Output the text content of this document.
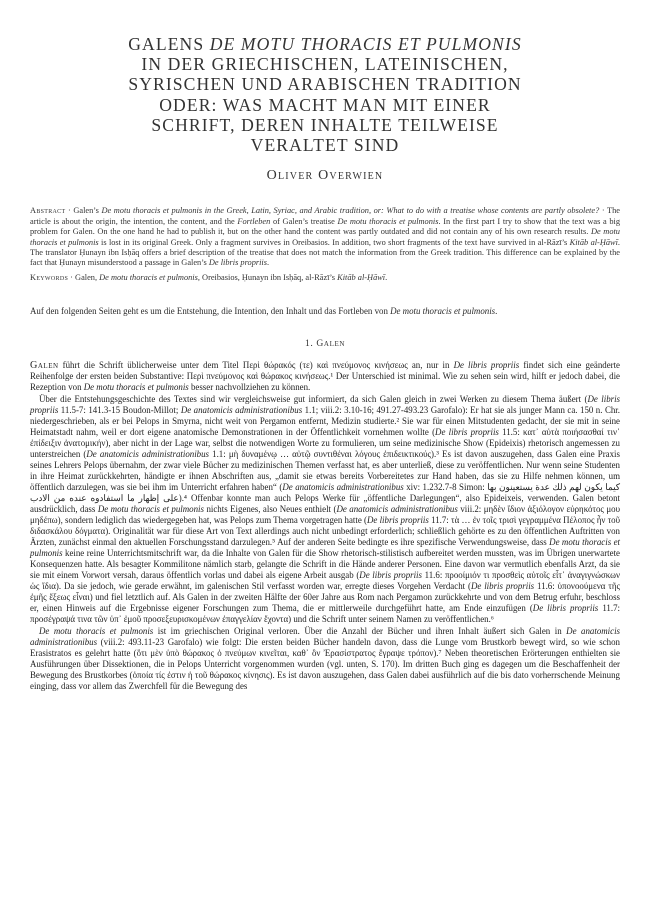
GALENS DE MOTU THORACIS ET PULMONIS
IN DER GRIECHISCHEN, LATEINISCHEN,
SYRISCHEN UND ARABISCHEN TRADITION
ODER: WAS MACHT MAN MIT EINER
SCHRIFT, DEREN INHALTE TEILWEISE
VERALTET SIND
Oliver Overwien
Abstract · Galen’s De motu thoracis et pulmonis in the Greek, Latin, Syriac, and Arabic tradition, or: What to do with a treatise whose contents are partly obsolete? · The article is about the origin, the intention, the content, and the Fortleben of Galen’s treatise De motu thoracis et pulmonis. In the first part I try to show that the text was a big problem for Galen. On the one hand he had to publish it, but on the other hand the content was partly outdated and did not contain any of his own research results. De motu thoracis et pulmonis is lost in its original Greek. Only a fragment survives in Oreibasios. In addition, two short fragments of the text have survived in al-Rāzī’s Kitāb al-Ḥāwī. The translator Ḥunayn ibn Isḥāq offers a brief description of the treatise that does not match the information from the Greek tradition. This difference can be explained by the fact that Ḥunayn misunderstood a passage in Galen’s De libris propriis.
Keywords · Galen, De motu thoracis et pulmonis, Oreibasios, Ḥunayn ibn Isḥāq, al-Rāzī’s Kitāb al-Ḥāwī.
Auf den folgenden Seiten geht es um die Entstehung, die Intention, den Inhalt und das Fortleben von De motu thoracis et pulmonis.
1. Galen

Galen führt die Schrift üblicherweise unter dem Titel Περὶ θώρακός (τε) καὶ πνεύμονος κινήσεως an, nur in De libris propriis findet sich eine geänderte Reihenfolge der ersten beiden Substantive: Περὶ πνεύμονος καὶ θώρακος κινήσεως.¹ Der Unterschied ist minimal. Wie zu sehen sein wird, hilft er jedoch dabei, die Rezeption von De motu thoracis et pulmonis besser nachvollziehen zu können.

Über die Entstehungsgeschichte des Textes sind wir vergleichsweise gut informiert, da sich Galen gleich in zwei Werken zu diesem Thema äußert (De libris propriis 11.5-7: 141.3-15 Boudon-Millot; De anatomicis administrationibus 1.1; viii.2: 3.10-16; 491.27-493.23 Garofalo): Er hat sie als junger Mann ca. 150 n. Chr. niedergeschrieben, als er bei Pelops in Smyrna, nicht weit von Pergamon entfernt, Medizin studierte.² Sie war für einen Mitstudenten gedacht, der sie mit in seine Heimatstadt nahm, weil er dort eigene anatomische Demonstrationen in der Öffentlichkeit vornehmen wollte (De libris propriis 11.5: κατ᾽ αὐτὰ ποιήσασθαί τιν᾽ ἐπίδειξιν ἀνατομικήν), aber nicht in der Lage war, selbst die notwendigen Worte zu formulieren, um seine medizinische Show (Epideixis) rhetorisch angemessen zu unterstreichen (De anatomicis administrationibus 1.1: μὴ δυναμένῳ … αὐτῷ συντιθέναι λόγους ἐπιδεικτικούς).³ Es ist davon auszugehen, dass Galen eine Praxis seines Lehrers Pelops übernahm, der zwar viele Bücher zu medizinischen Themen verfasst hat, es aber unterließ, diese zu veröffentlichen. Nur wenn seine Studenten in ihre Heimat zurückkehrten, händigte er ihnen Abschriften aus, „damit sie etwas bereits Vorbereitetes zur Hand haben, das sie zu Hilfe nehmen können, um öffentlich darzulegen, was sie bei ihm im Unterricht erfahren haben“ (De anatomicis administrationibus xiv: 1.232.7-8 Simon: كيما يكون لهم ذلك عدة يستعينون بها على إظهار ما استفادوه عنده من الادب).⁴ Offenbar konnte man auch Pelops Werke für „öffentliche Darlegungen“, also Epideixeis, verwenden. Galen betont ausdrücklich, dass De motu thoracis et pulmonis nichts Eigenes, also Neues enthielt (De anatomicis administrationibus viii.2: μηδὲν ἴδιον ἀξιόλογον εὑρηκότος μου μηδέπω), sondern lediglich das wiedergegeben hat, was Pelops zum Thema vorgetragen hatte (De libris propriis 11.7: τὰ … ἐν τοῖς τρισὶ γεγραμμένα Πέλοπος ἦν τοῦ διδασκάλου δόγματα). Originalität war für diese Art von Text allerdings auch nicht unbedingt erforderlich; schließlich gehörte es zu den öffentlichen Auftritten von Ärzten, zunächst einmal den aktuellen Forschungsstand darzulegen.⁵ Auf der anderen Seite bedingte es ihre spezifische Verwendungsweise, dass De motu thoracis et pulmonis keine reine Unterrichtsmitschrift war, da die Inhalte von Galen für die Show rhetorisch-stilistisch aufbereitet werden mussten, was im Übrigen unerwartete Konsequenzen hatte. Als besagter Kommilitone nämlich starb, gelangte die Schrift in die Hände anderer Personen. Eine davon war vermutlich ebenfalls Arzt, da sie sie mit einem Vorwort versah, daraus öffentlich vorlas und dabei als eigene Arbeit ausgab (De libris propriis 11.6: προοίμιόν τι προσθεὶς αὐτοῖς εἶτ᾽ ἀναγιγνώσκων ὡς ἴδια). Da sie jedoch, wie gerade erwähnt, im galenischen Stil verfasst worden war, erregte dieses Vorgehen Verdacht (De libris propriis 11.6: ὑπονοούμενα τῆς ἐμῆς ἕξεως εἶναι) und fiel letztlich auf. Als Galen in der zweiten Hälfte der 60er Jahre aus Rom nach Pergamon zurückkehrte und von dem Betrug erfuhr, beschloss er, einen Hinweis auf die Ergebnisse eigener Forschungen zum Thema, die er mittlerweile durchgeführt hatte, am Ende einzufügen (De libris propriis 11.7: προσέγραψά τινα τῶν ὑπ᾽ ἐμοῦ προσεξευρισκομένων ἐπαγγελίαν ἔχοντα) und die Schrift unter seinem Namen zu veröffentlichen.⁶

De motu thoracis et pulmonis ist im griechischen Original verloren. Über die Anzahl der Bücher und ihren Inhalt äußert sich Galen in De anatomicis administrationibus (viii.2: 493.11-23 Garofalo) wie folgt: Die ersten beiden Bücher handeln davon, dass die Lunge vom Brustkorb bewegt wird, so wie schon Erasistratos es gelehrt hatte (ὅτι μὲν ὑπὸ θώρακος ὁ πνεύμων κινεῖται, καθ᾽ ὃν Ἐρασίστρατος ἔγραψε τρόπον).⁷ Neben theoretischen Erörterungen enthielten sie Ausführungen über Dissektionen, die in Pelops Unterricht vorgenommen wurden (vgl. unten, S. 170). Im dritten Buch ging es dagegen um die Beschaffenheit der Bewegung des Brustkorbes (ὁποία τίς ἐστιν ἡ τοῦ θώρακος κίνησις). Es ist davon auszugehen, dass Galen dabei ausführlich auf die bis dato vorherrschende Meinung einging, dass vor allem das Zwerchfell für die Bewegung des
